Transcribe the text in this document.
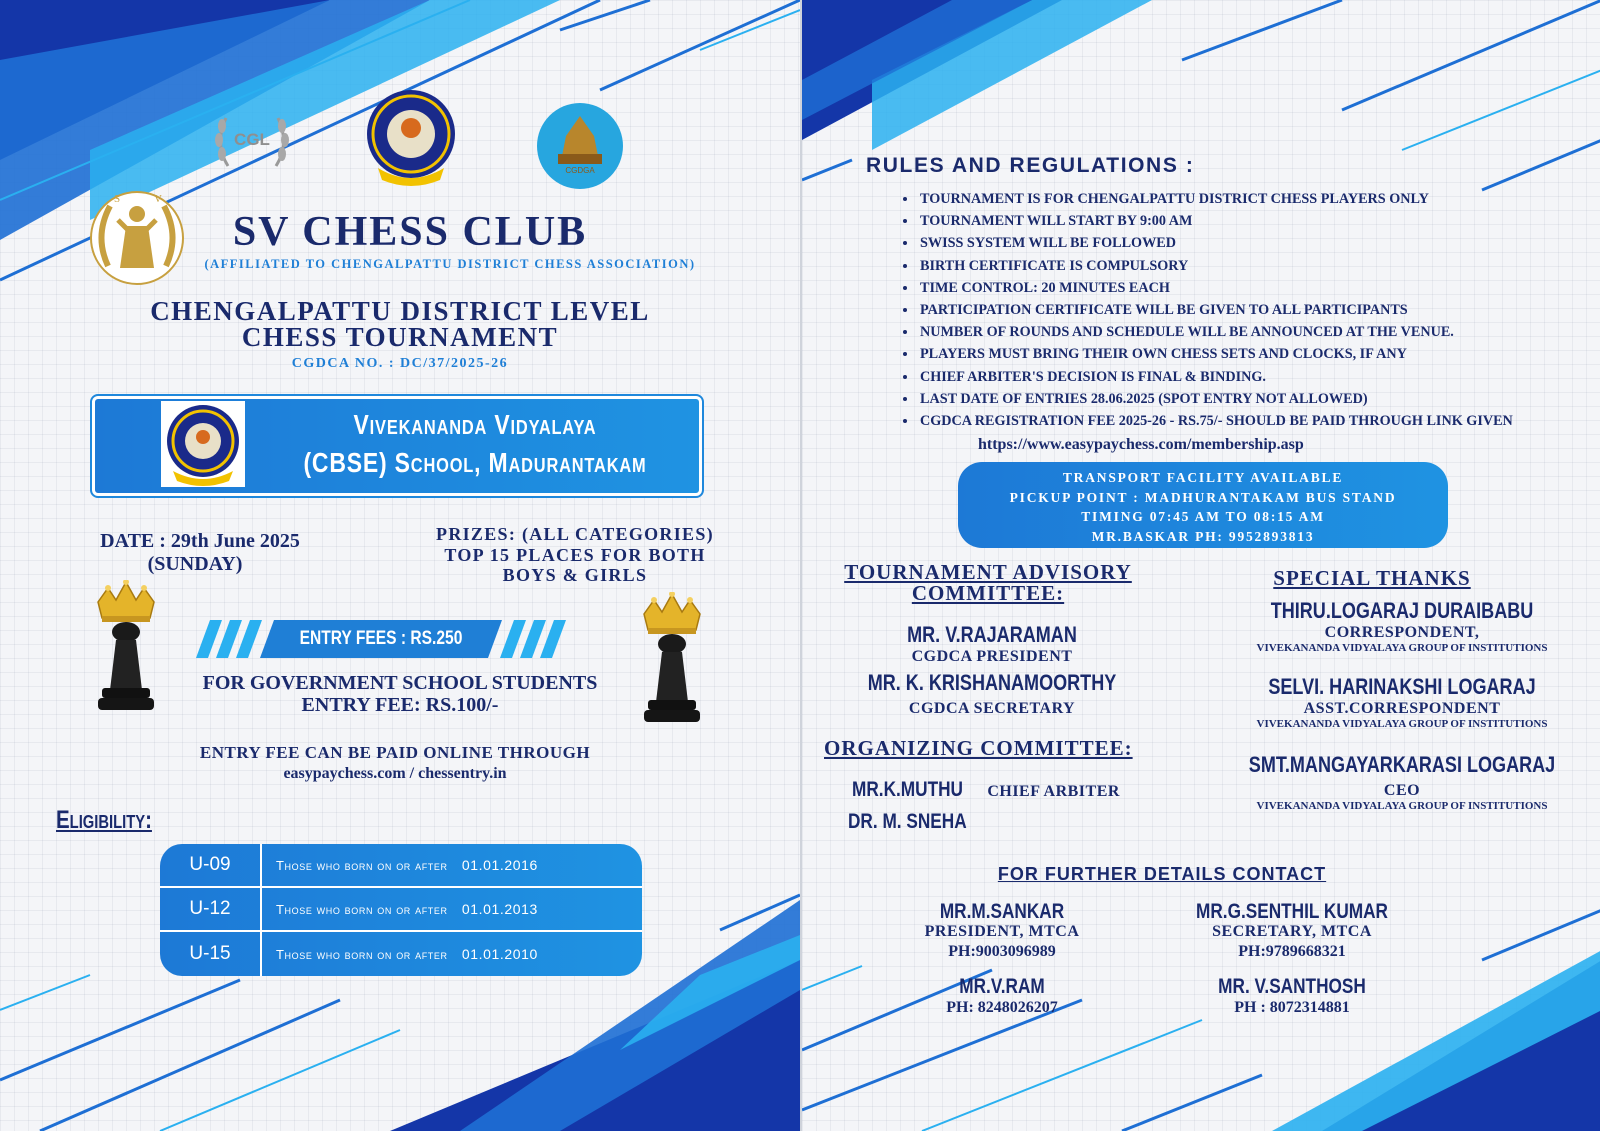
CGL
CGDGA
S	V
SV CHESS CLUB
(AFFILIATED TO CHENGALPATTU DISTRICT CHESS ASSOCIATION)
CHENGALPATTU DISTRICT LEVEL
CHESS TOURNAMENT
CGDCA NO. : DC/37/2025-26
Vivekananda Vidyalaya
(CBSE) School, Madurantakam
DATE : 29th June 2025
(SUNDAY)
PRIZES: (ALL CATEGORIES)
TOP 15 PLACES FOR BOTH
BOYS & GIRLS
ENTRY FEES : RS.250
FOR GOVERNMENT SCHOOL STUDENTS
ENTRY FEE: RS.100/-
ENTRY FEE CAN BE PAID ONLINE THROUGH
easypaychess.com / chessentry.in
Eligibility:
U-09	Those who born on or after 01.01.2016
U-12	Those who born on or after 01.01.2013
U-15	Those who born on or after 01.01.2010
RULES AND REGULATIONS :
• TOURNAMENT IS FOR CHENGALPATTU DISTRICT CHESS PLAYERS ONLY
• TOURNAMENT WILL START BY 9:00 AM
• SWISS SYSTEM WILL BE FOLLOWED
• BIRTH CERTIFICATE IS COMPULSORY
• TIME CONTROL: 20 MINUTES EACH
• PARTICIPATION CERTIFICATE WILL BE GIVEN TO ALL PARTICIPANTS
• NUMBER OF ROUNDS AND SCHEDULE WILL BE ANNOUNCED AT THE VENUE.
• PLAYERS MUST BRING THEIR OWN CHESS SETS AND CLOCKS, IF ANY
• CHIEF ARBITER'S DECISION IS FINAL & BINDING.
• LAST DATE OF ENTRIES 28.06.2025 (SPOT ENTRY NOT ALLOWED)
• CGDCA REGISTRATION FEE 2025-26 - RS.75/- SHOULD BE PAID THROUGH LINK GIVEN
https://www.easypaychess.com/membership.asp
TRANSPORT FACILITY AVAILABLE
PICKUP POINT : MADHURANTAKAM BUS STAND
TIMING 07:45 AM TO 08:15 AM
MR.BASKAR PH: 9952893813
TOURNAMENT ADVISORY
COMMITTEE:
MR. V.RAJARAMAN
CGDCA PRESIDENT
MR. K. KRISHANAMOORTHY
CGDCA SECRETARY
ORGANIZING COMMITTEE:
MR.K.MUTHU CHIEF ARBITER
DR. M. SNEHA
SPECIAL THANKS
THIRU.LOGARAJ DURAIBABU
CORRESPONDENT,
VIVEKANANDA VIDYALAYA GROUP OF INSTITUTIONS
SELVI. HARINAKSHI LOGARAJ
ASST.CORRESPONDENT
VIVEKANANDA VIDYALAYA GROUP OF INSTITUTIONS
SMT.MANGAYARKARASI LOGARAJ
CEO
VIVEKANANDA VIDYALAYA GROUP OF INSTITUTIONS
FOR FURTHER DETAILS CONTACT
MR.M.SANKAR
PRESIDENT, MTCA
PH:9003096989
MR.G.SENTHIL KUMAR
SECRETARY, MTCA
PH:9789668321
MR.V.RAM
PH: 8248026207
MR. V.SANTHOSH
PH : 8072314881
